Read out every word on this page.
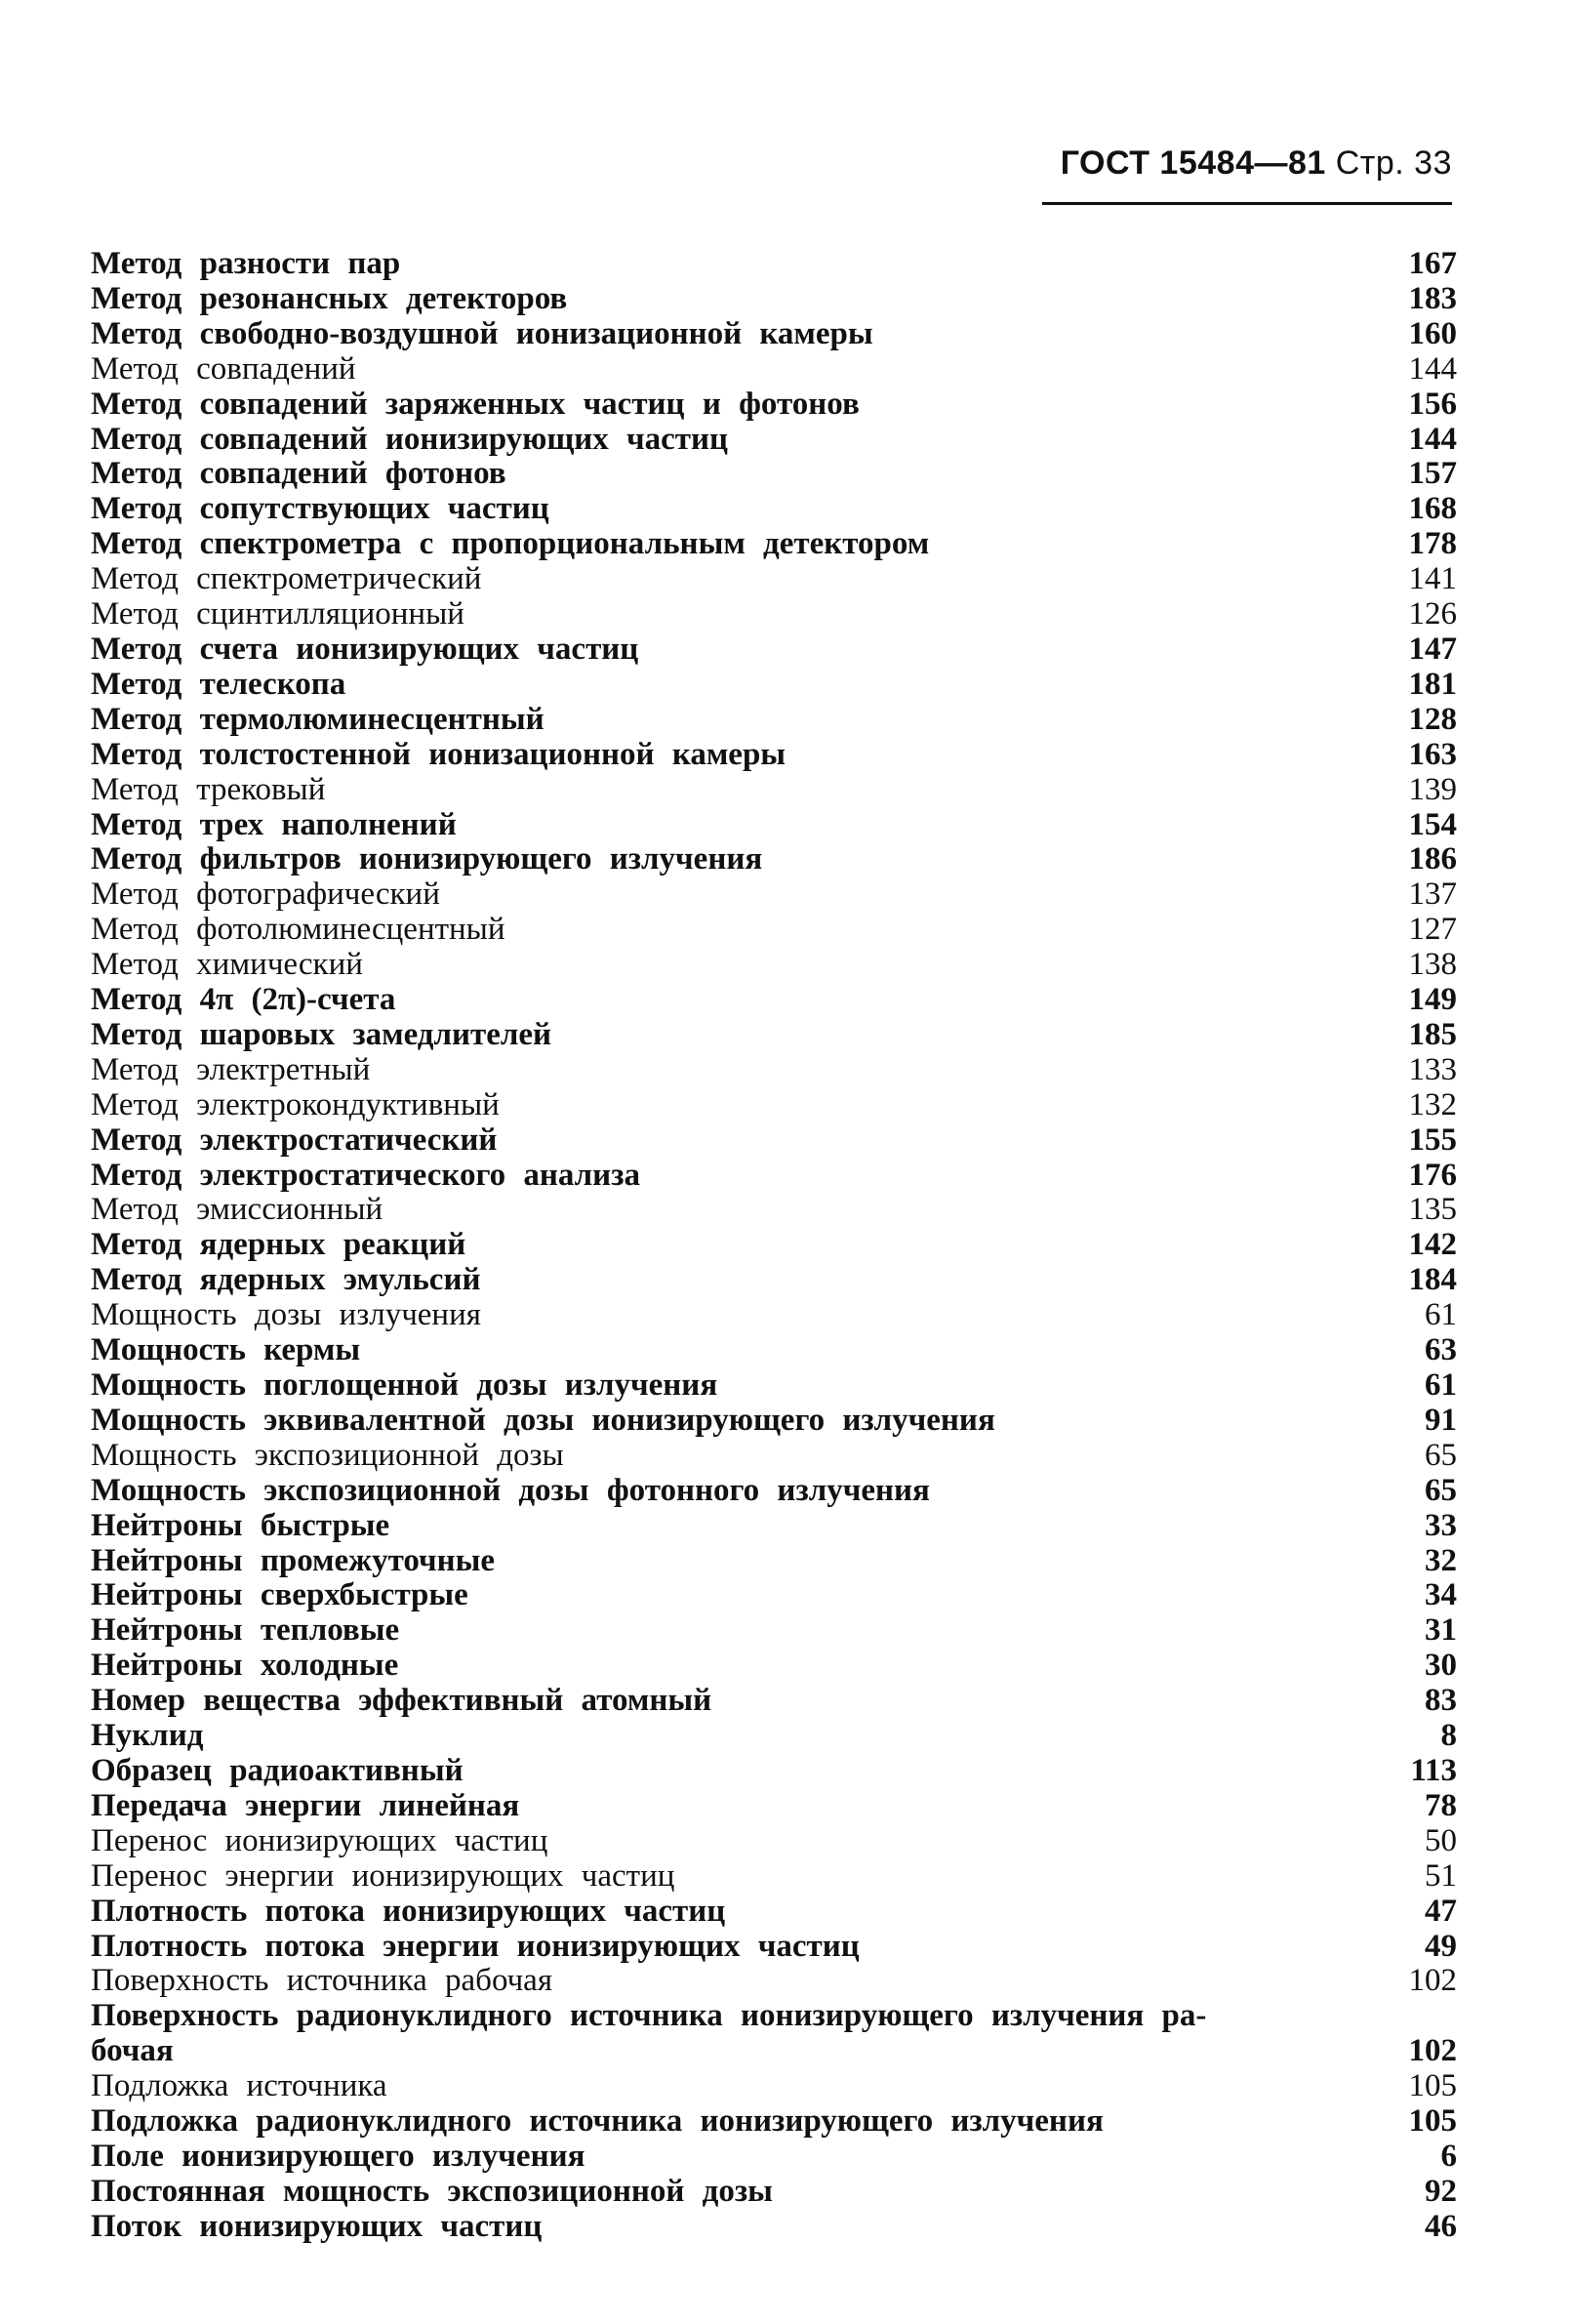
ГОСТ 15484—81 Стр. 33
Метод разности пар	167
Метод резонансных детекторов	183
Метод свободно-воздушной ионизационной камеры	160
Метод совпадений	144
Метод совпадений заряженных частиц и фотонов	156
Метод совпадений ионизирующих частиц	144
Метод совпадений фотонов	157
Метод сопутствующих частиц	168
Метод спектрометра с пропорциональным детектором	178
Метод спектрометрический	141
Метод сцинтилляционный	126
Метод счета ионизирующих частиц	147
Метод телескопа	181
Метод термолюминесцентный	128
Метод толстостенной ионизационной камеры	163
Метод трековый	139
Метод трех наполнений	154
Метод фильтров ионизирующего излучения	186
Метод фотографический	137
Метод фотолюминесцентный	127
Метод химический	138
Метод 4π (2π)-счета	149
Метод шаровых замедлителей	185
Метод электретный	133
Метод электрокондуктивный	132
Метод электростатический	155
Метод электростатического анализа	176
Метод эмиссионный	135
Метод ядерных реакций	142
Метод ядерных эмульсий	184
Мощность дозы излучения	61
Мощность кермы	63
Мощность поглощенной дозы излучения	61
Мощность эквивалентной дозы ионизирующего излучения	91
Мощность экспозиционной дозы	65
Мощность экспозиционной дозы фотонного излучения	65
Нейтроны быстрые	33
Нейтроны промежуточные	32
Нейтроны сверхбыстрые	34
Нейтроны тепловые	31
Нейтроны холодные	30
Номер вещества эффективный атомный	83
Нуклид	8
Образец радиоактивный	113
Передача энергии линейная	78
Перенос ионизирующих частиц	50
Перенос энергии ионизирующих частиц	51
Плотность потока ионизирующих частиц	47
Плотность потока энергии ионизирующих частиц	49
Поверхность источника рабочая	102
Поверхность радионуклидного источника ионизирующего излучения ра-
бочая	102
Подложка источника	105
Подложка радионуклидного источника ионизирующего излучения	105
Поле ионизирующего излучения	6
Постоянная мощность экспозиционной дозы	92
Поток ионизирующих частиц	46
